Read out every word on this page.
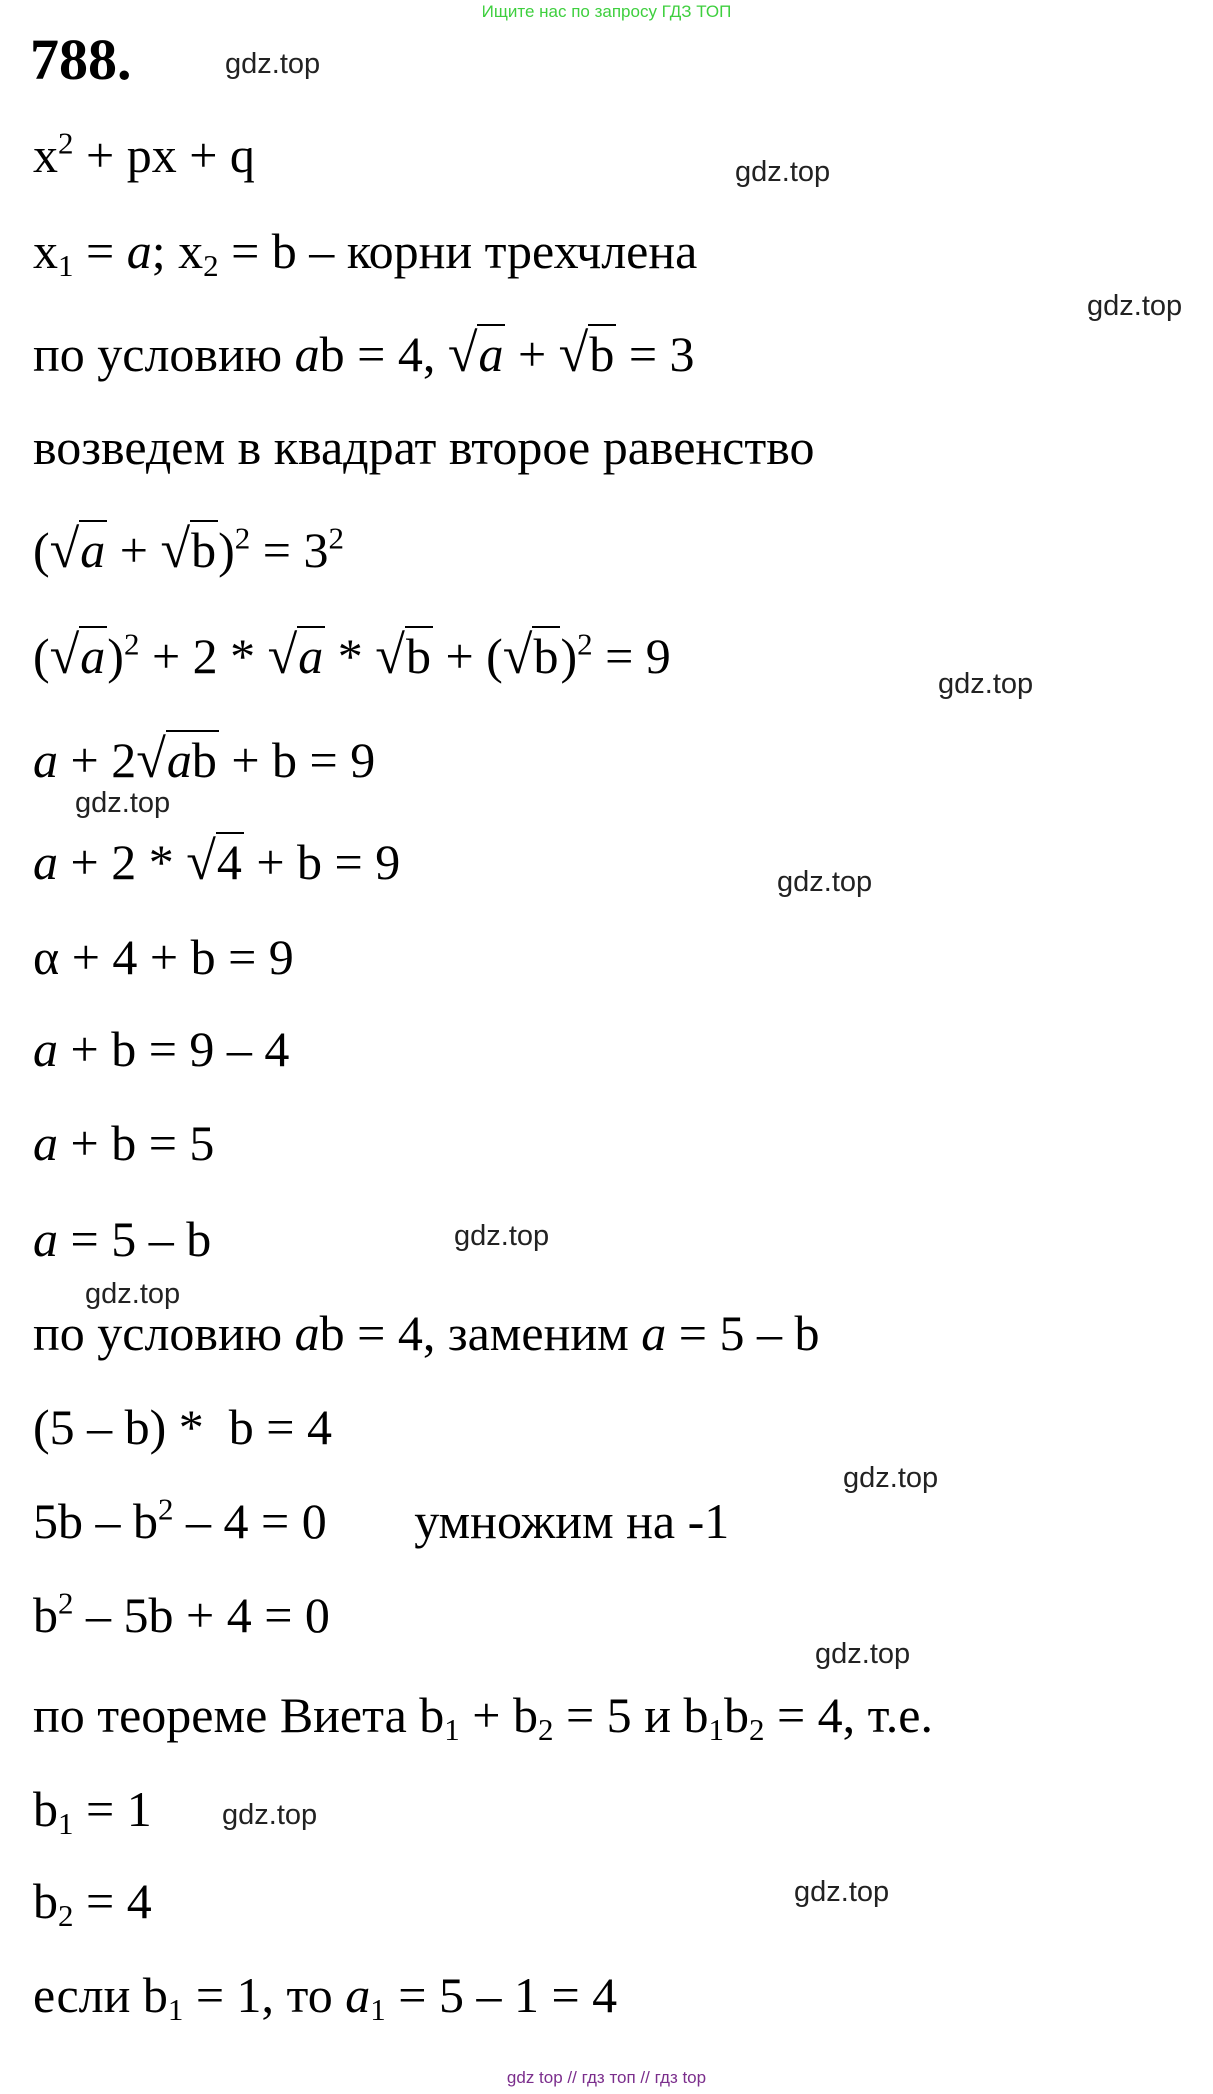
Ищите нас по запросу ГДЗ ТОП
788.	gdz.top
gdz.top
gdz.top
gdz.top
gdz.top
gdz.top
gdz.top
gdz.top
gdz.top
gdz.top
gdz.top
gdz.top
$x^2$ + px + q
$x_1 = a$; $x_2 = b$ – корни трехчлена
по условию ab = 4, √a + √b = 3
возведем в квадрат второе равенство
$(√a + √b)^2 = 3^2$
$(√a)^2 + 2 * √a * √b + (√b)^2 = 9$
a + 2√ab + b = 9
a + 2 * √4 + b = 9
α + 4 + b = 9
a + b = 9 – 4
a + b = 5
a = 5 – b
по условию ab = 4, заменим a = 5 – b
(5 – b) *  b = 4
$5b - b^2 - 4 = 0$       умножим на -1
$b^2 - 5b + 4 = 0$
по теореме Виета $b_1 + b_2 = 5$ и $b_1b_2 = 4$, т.е.
$b_1 = 1$
$b_2 = 4$
если $b_1 = 1$, то $a_1 = 5 - 1 = 4$
gdz top // гдз топ // гдз top
